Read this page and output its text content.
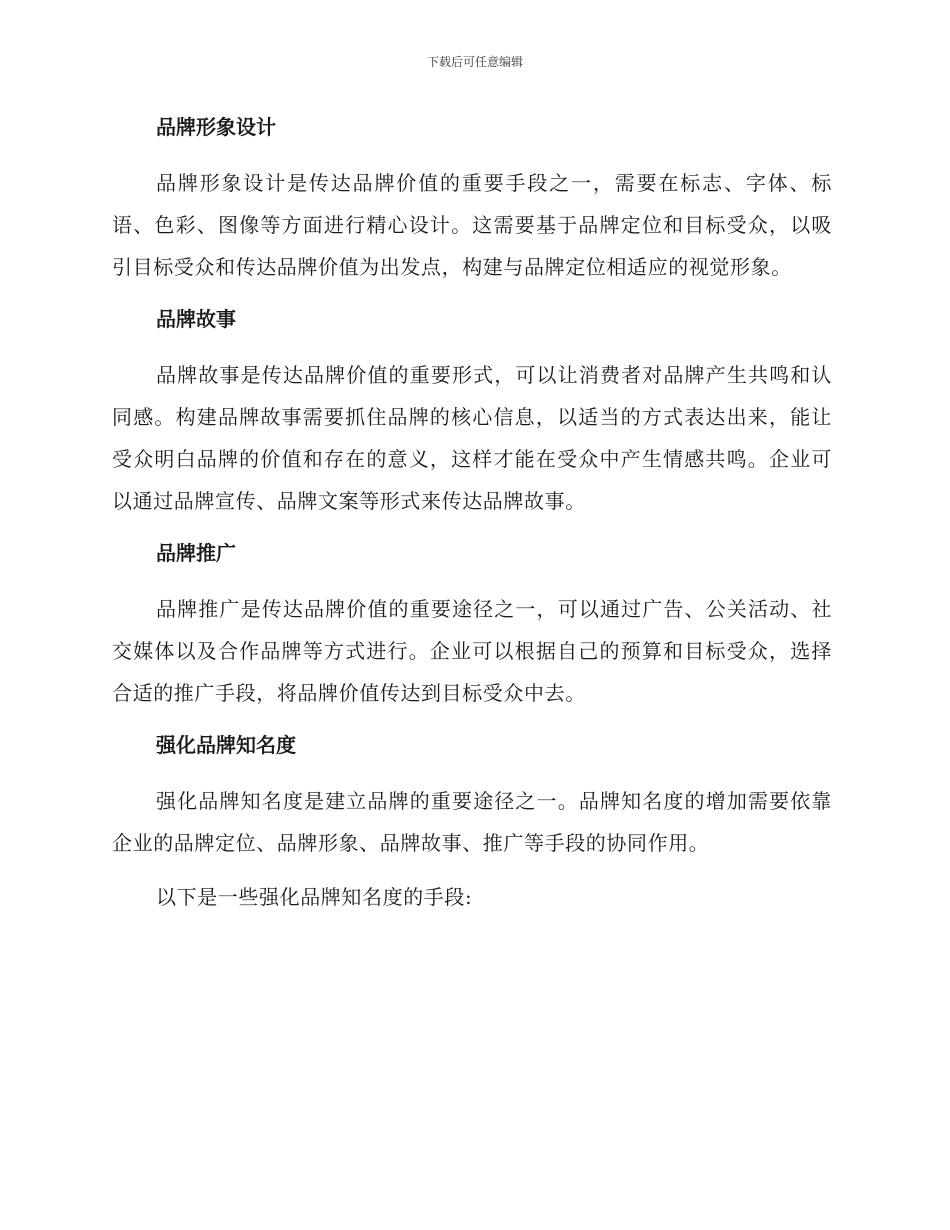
下载后可任意编辑
品牌形象设计

品牌形象设计是传达品牌价值的重要手段之一，需要在标志、字体、标语、色彩、图像等方面进行精心设计。这需要基于品牌定位和目标受众，以吸引目标受众和传达品牌价值为出发点，构建与品牌定位相适应的视觉形象。

品牌故事

品牌故事是传达品牌价值的重要形式，可以让消费者对品牌产生共鸣和认同感。构建品牌故事需要抓住品牌的核心信息，以适当的方式表达出来，能让受众明白品牌的价值和存在的意义，这样才能在受众中产生情感共鸣。企业可以通过品牌宣传、品牌文案等形式来传达品牌故事。

品牌推广

品牌推广是传达品牌价值的重要途径之一，可以通过广告、公关活动、社交媒体以及合作品牌等方式进行。企业可以根据自己的预算和目标受众，选择合适的推广手段，将品牌价值传达到目标受众中去。

强化品牌知名度

强化品牌知名度是建立品牌的重要途径之一。品牌知名度的增加需要依靠企业的品牌定位、品牌形象、品牌故事、推广等手段的协同作用。

以下是一些强化品牌知名度的手段:
